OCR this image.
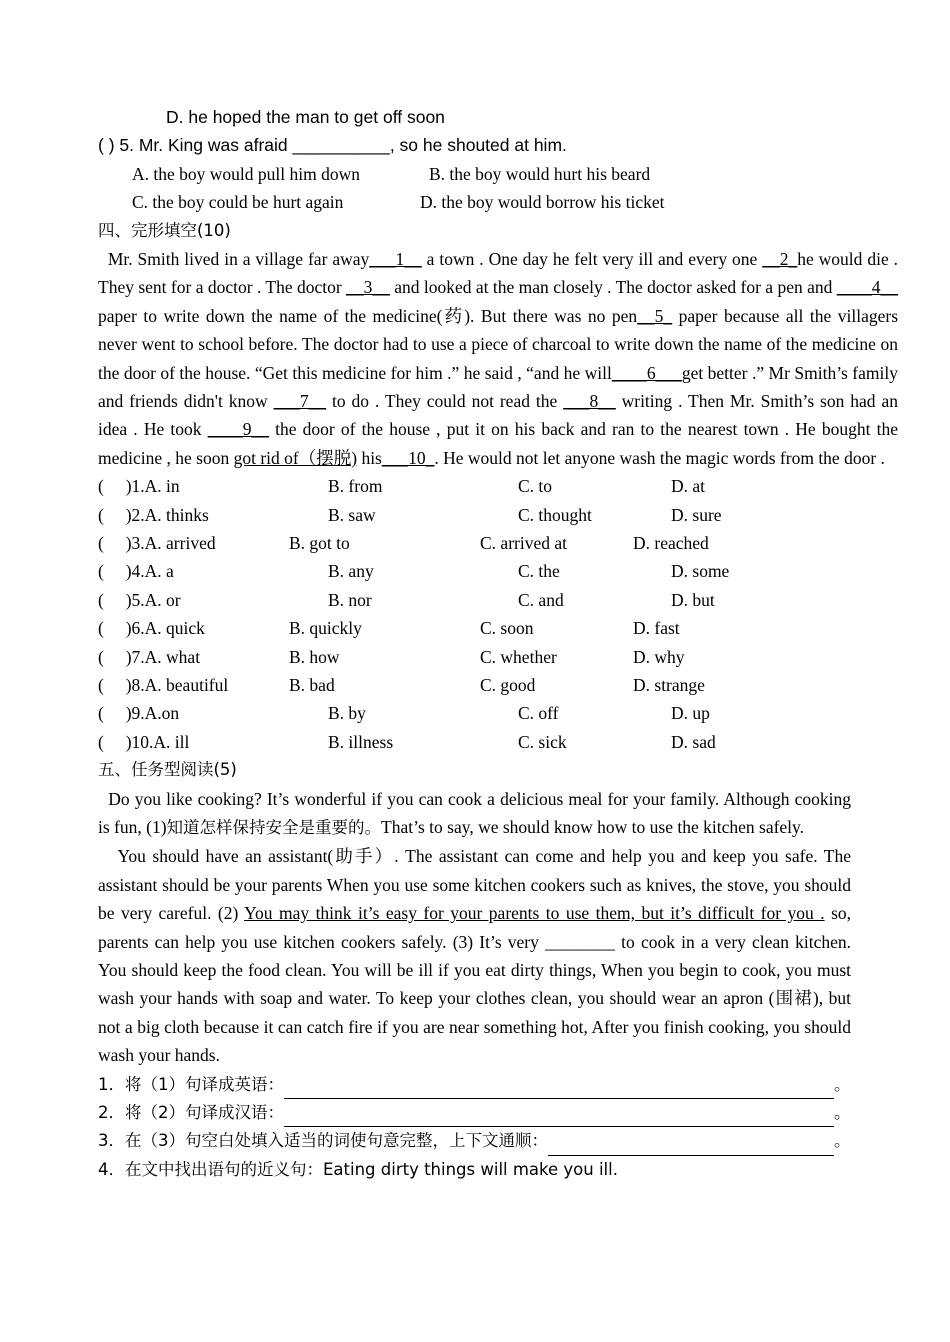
D. he hoped the man to get off soon
( ) 5. Mr. King was afraid __________, so he shouted at him.
A. the boy would pull him down	B. the boy would hurt his beard
C. the boy could be hurt again	D. the boy would borrow his ticket
四、完形填空(10)
Mr. Smith lived in a village far away___1__ a town . One day he felt very ill and every one __2_he would die . They sent for a doctor . The doctor __3__ and looked at the man closely . The doctor asked for a pen and ____4__ paper to write down the name of the medicine(药). But there was no pen__5_ paper because all the villagers never went to school before. The doctor had to use a piece of charcoal to write down the name of the medicine on the door of the house. “Get this medicine for him .” he said , “and he will____6___get better .” Mr Smith’s family and friends didn't know ___7__ to do . They could not read the ___8__ writing . Then Mr. Smith’s son had an idea . He took ____9__ the door of the house , put it on his back and ran to the nearest town . He bought the medicine , he soon got rid of（摆脱) his___10_. He would not let anyone wash the magic words from the door .
(     )1.A. in	B. from	C. to	D. at
(     )2.A. thinks	B. saw	C. thought	D. sure
(     )3.A. arrived	B. got to	C. arrived at	D. reached
(     )4.A. a	B. any	C. the	D. some
(     )5.A. or	B. nor	C. and	D. but
(     )6.A. quick	B. quickly	C. soon	D. fast
(     )7.A. what	B. how	C. whether	D. why
(     )8.A. beautiful	B. bad	C. good	D. strange
(     )9.A.on	B. by	C. off	D. up
(     )10.A. ill	B. illness	C. sick	D. sad
五、任务型阅读(5)
Do you like cooking? It’s wonderful if you can cook a delicious meal for your family. Although cooking is fun, (1)知道怎样保持安全是重要的。That’s to say, we should know how to use the kitchen safely.
You should have an assistant(助手）. The assistant can come and help you and keep you safe. The assistant should be your parents When you use some kitchen cookers such as knives, the stove, you should be very careful. (2) You may think it’s easy for your parents to use them, but it’s difficult for you . so, parents can help you use kitchen cookers safely. (3) It’s very ________ to cook in a very clean kitchen. You should keep the food clean. You will be ill if you eat dirty things, When you begin to cook, you must wash your hands with soap and water. To keep your clothes clean, you should wear an apron (围裙), but not a big cloth because it can catch fire if you are near something hot, After you finish cooking, you should wash your hands.
1．将（1）句译成英语：	。
2．将（2）句译成汉语：	。
3．在（3）句空白处填入适当的词使句意完整，上下文通顺：	。
4．在文中找出语句的近义句：Eating dirty things will make you ill.
